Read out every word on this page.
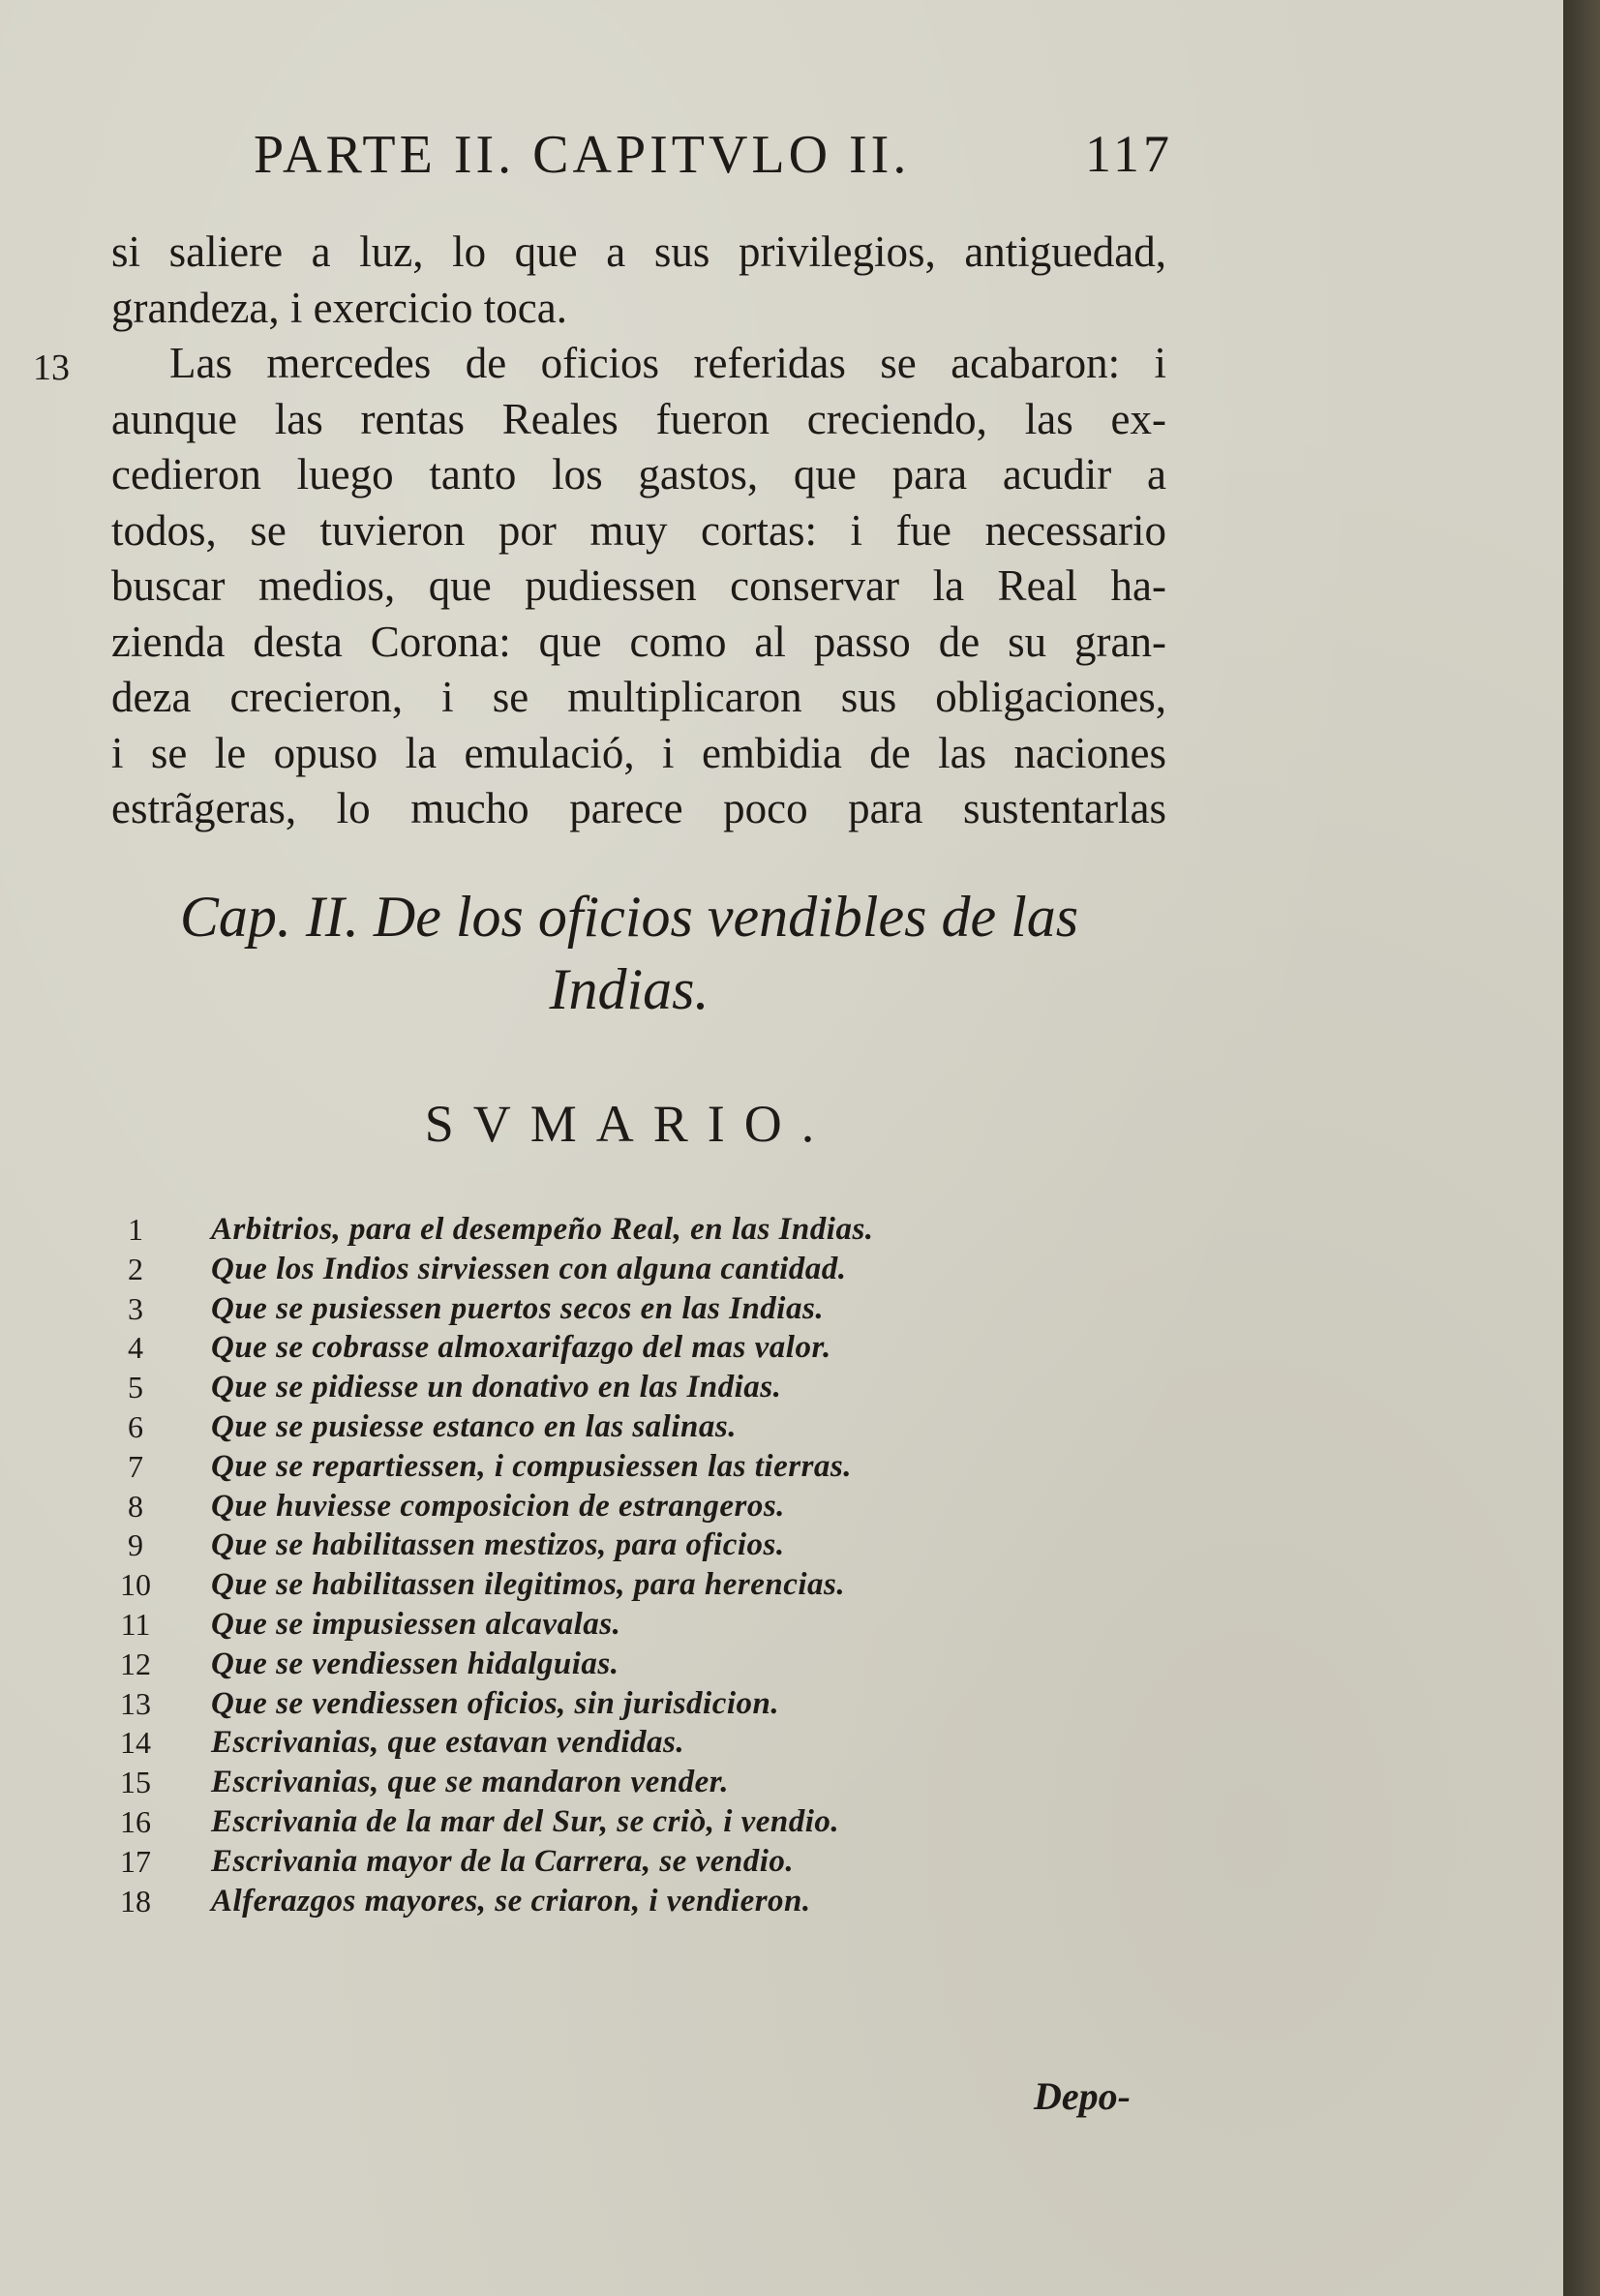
PARTE II. CAPITVLO II.	117
13
si saliere a luz, lo que a sus privilegios, antiguedad,
grandeza, i exercicio toca.
Las mercedes de oficios referidas se acabaron: i
aunque las rentas Reales fueron creciendo, las ex-
cedieron luego tanto los gastos, que para acudir a
todos, se tuvieron por muy cortas: i fue necessario
buscar medios, que pudiessen conservar la Real ha-
zienda desta Corona: que como al passo de su gran-
deza crecieron, i se multiplicaron sus obligaciones,
i se le opuso la emulació, i embidia de las naciones
estrãgeras, lo mucho parece poco para sustentarlas
Cap. II. De los oficios vendibles de las
Indias.
SVMARIO.
1	Arbitrios, para el desempeño Real, en las Indias.
2	Que los Indios sirviessen con alguna cantidad.
3	Que se pusiessen puertos secos en las Indias.
4	Que se cobrasse almoxarifazgo del mas valor.
5	Que se pidiesse un donativo en las Indias.
6	Que se pusiesse estanco en las salinas.
7	Que se repartiessen, i compusiessen las tierras.
8	Que huviesse composicion de estrangeros.
9	Que se habilitassen mestizos, para oficios.
10	Que se habilitassen ilegitimos, para herencias.
11	Que se impusiessen alcavalas.
12	Que se vendiessen hidalguias.
13	Que se vendiessen oficios, sin jurisdicion.
14	Escrivanias, que estavan vendidas.
15	Escrivanias, que se mandaron vender.
16	Escrivania de la mar del Sur, se criò, i vendio.
17	Escrivania mayor de la Carrera, se vendio.
18	Alferazgos mayores, se criaron, i vendieron.
Depo-
